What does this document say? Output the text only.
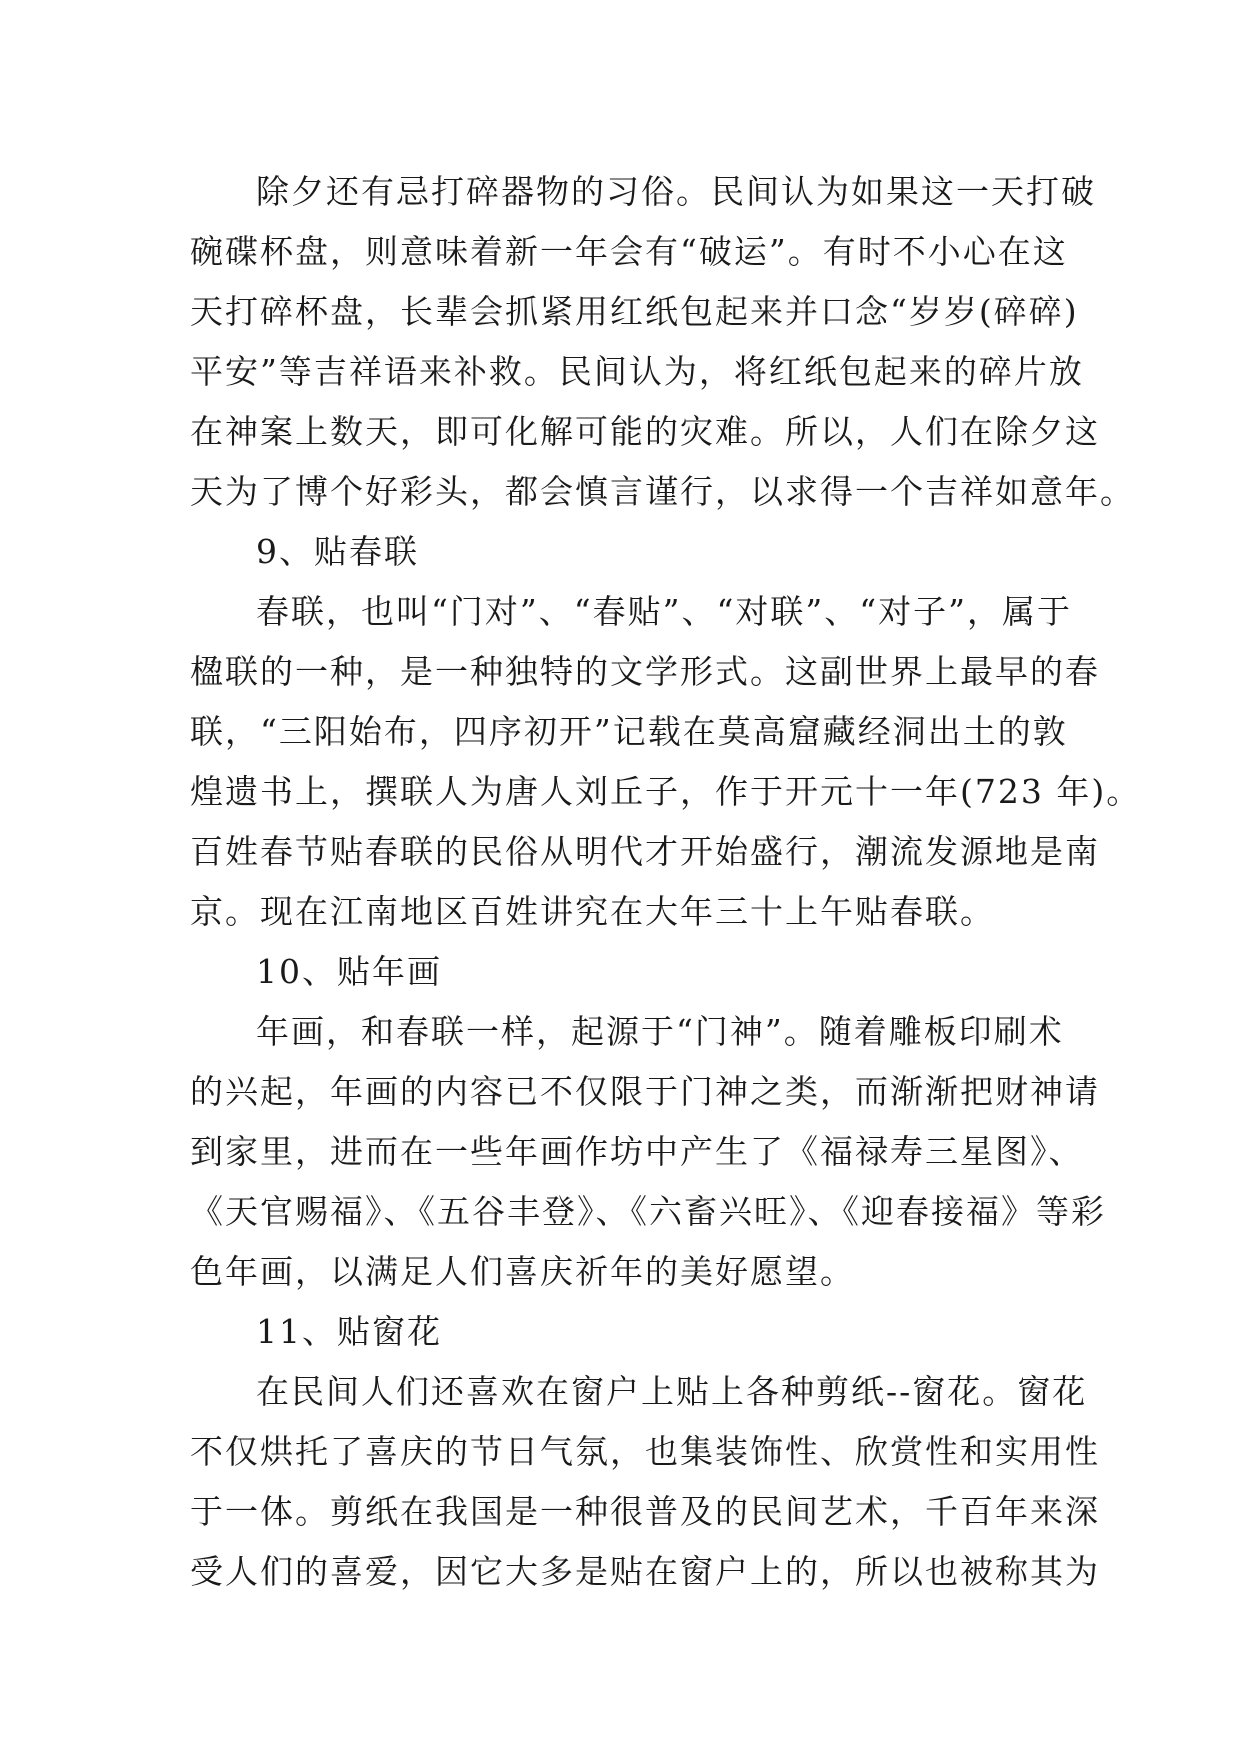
除夕还有忌打碎器物的习俗。民间认为如果这一天打破
碗碟杯盘，则意味着新一年会有“破运”。有时不小心在这
天打碎杯盘，长辈会抓紧用红纸包起来并口念“岁岁(碎碎)
平安”等吉祥语来补救。民间认为，将红纸包起来的碎片放
在神案上数天，即可化解可能的灾难。所以，人们在除夕这
天为了博个好彩头，都会慎言谨行，以求得一个吉祥如意年。
9、贴春联
春联，也叫“门对”、“春贴”、“对联”、“对子”，属于
楹联的一种，是一种独特的文学形式。这副世界上最早的春
联，“三阳始布，四序初开”记载在莫高窟藏经洞出土的敦
煌遗书上，撰联人为唐人刘丘子，作于开元十一年(723 年)。
百姓春节贴春联的民俗从明代才开始盛行，潮流发源地是南
京。现在江南地区百姓讲究在大年三十上午贴春联。
10、贴年画
年画，和春联一样，起源于“门神”。随着雕板印刷术
的兴起，年画的内容已不仅限于门神之类，而渐渐把财神请
到家里，进而在一些年画作坊中产生了《福禄寿三星图》、
《天官赐福》、《五谷丰登》、《六畜兴旺》、《迎春接福》等彩
色年画，以满足人们喜庆祈年的美好愿望。
11、贴窗花
在民间人们还喜欢在窗户上贴上各种剪纸--窗花。窗花
不仅烘托了喜庆的节日气氛，也集装饰性、欣赏性和实用性
于一体。剪纸在我国是一种很普及的民间艺术，千百年来深
受人们的喜爱，因它大多是贴在窗户上的，所以也被称其为
